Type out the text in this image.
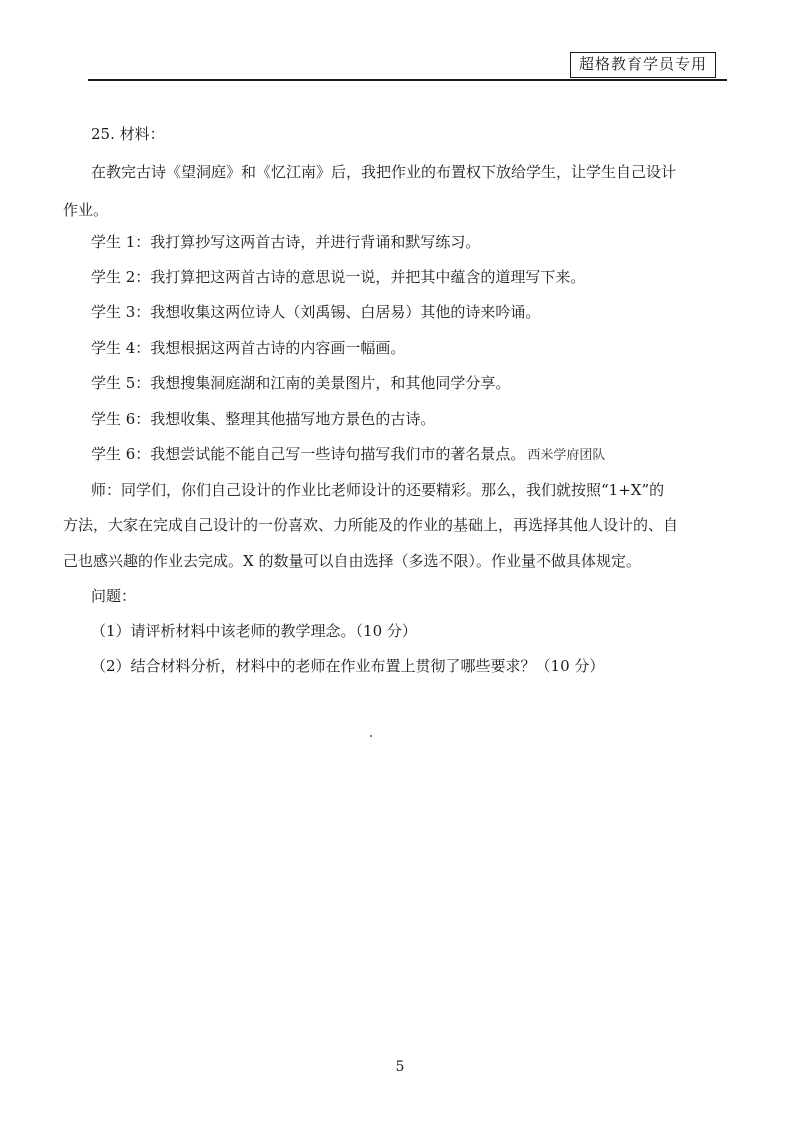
超格教育学员专用
25. 材料：
在教完古诗《望洞庭》和《忆江南》后，我把作业的布置权下放给学生，让学生自己设计
作业。
学生 1：我打算抄写这两首古诗，并进行背诵和默写练习。
学生 2：我打算把这两首古诗的意思说一说，并把其中蕴含的道理写下来。
学生 3：我想收集这两位诗人（刘禹锡、白居易）其他的诗来吟诵。
学生 4：我想根据这两首古诗的内容画一幅画。
学生 5：我想搜集洞庭湖和江南的美景图片，和其他同学分享。
学生 6：我想收集、整理其他描写地方景色的古诗。
学生 6：我想尝试能不能自己写一些诗句描写我们市的著名景点。 西米学府团队
师：同学们，你们自己设计的作业比老师设计的还要精彩。那么，我们就按照“1+X”的
方法，大家在完成自己设计的一份喜欢、力所能及的作业的基础上，再选择其他人设计的、自
己也感兴趣的作业去完成。X 的数量可以自由选择（多选不限）。作业量不做具体规定。
问题：
（1）请评析材料中该老师的教学理念。（10 分）
（2）结合材料分析，材料中的老师在作业布置上贯彻了哪些要求？（10 分）
5
